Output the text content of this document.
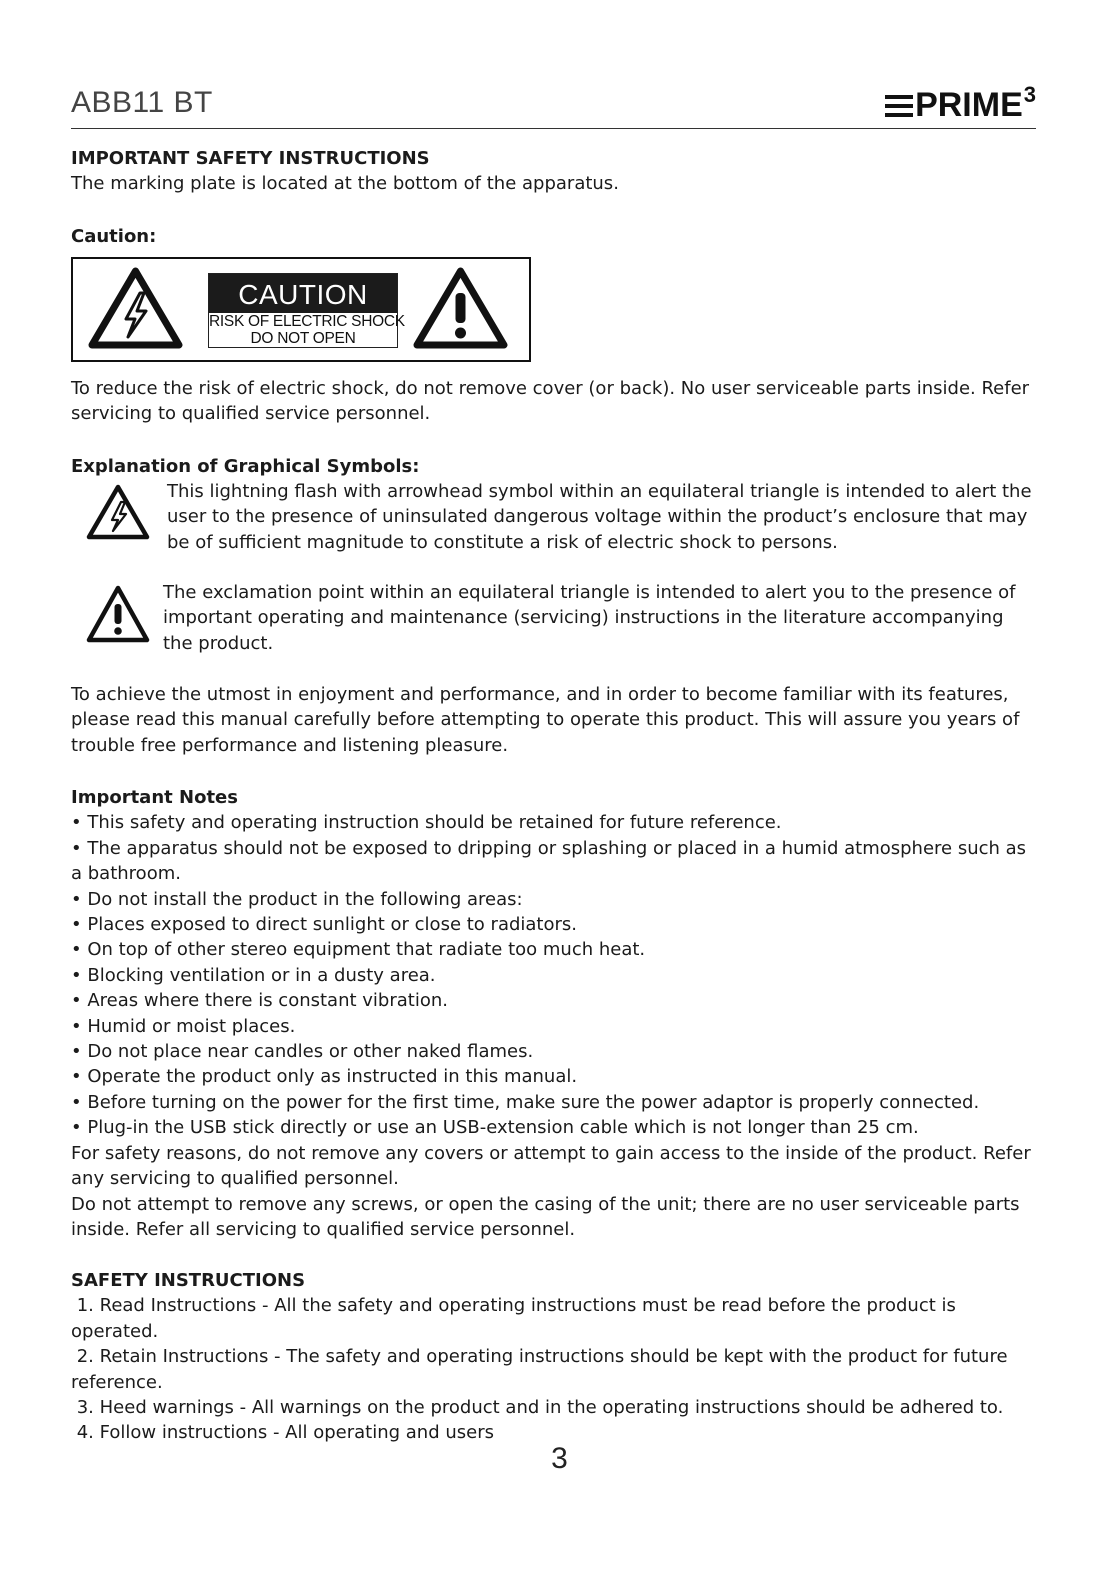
ABB11 BT	PRIME$^3$
IMPORTANT SAFETY INSTRUCTIONS

The marking plate is located at the bottom of the apparatus.

Caution:
CAUTION
RISK OF ELECTRIC SHOCK
DO NOT OPEN

To reduce the risk of electric shock, do not remove cover (or back). No user serviceable parts inside. Refer servicing to qualified service personnel.

Explanation of Graphical Symbols:

This lightning flash with arrowhead symbol within an equilateral triangle is intended to alert the user to the presence of uninsulated dangerous voltage within the product’s enclosure that may be of sufficient magnitude to constitute a risk of electric shock to persons.

The exclamation point within an equilateral triangle is intended to alert you to the presence of important operating and maintenance (servicing) instructions in the literature accompanying the product.

To achieve the utmost in enjoyment and performance, and in order to become familiar with its features, please read this manual carefully before attempting to operate this product. This will assure you years of trouble free performance and listening pleasure.

Important Notes
• This safety and operating instruction should be retained for future reference.
• The apparatus should not be exposed to dripping or splashing or placed in a humid atmosphere such as a bathroom.
• Do not install the product in the following areas:
• Places exposed to direct sunlight or close to radiators.
• On top of other stereo equipment that radiate too much heat.
• Blocking ventilation or in a dusty area.
• Areas where there is constant vibration.
• Humid or moist places.
• Do not place near candles or other naked flames.
• Operate the product only as instructed in this manual.
• Before turning on the power for the first time, make sure the power adaptor is properly connected.
• Plug-in the USB stick directly or use an USB-extension cable which is not longer than 25 cm.

For safety reasons, do not remove any covers or attempt to gain access to the inside of the product. Refer any servicing to qualified personnel.

Do not attempt to remove any screws, or open the casing of the unit; there are no user serviceable parts inside. Refer all servicing to qualified service personnel.

SAFETY INSTRUCTIONS
1. Read Instructions - All the safety and operating instructions must be read before the product is operated.
2. Retain Instructions - The safety and operating instructions should be kept with the product for future reference.
3. Heed warnings - All warnings on the product and in the operating instructions should be adhered to.
4. Follow instructions - All operating and users
3
